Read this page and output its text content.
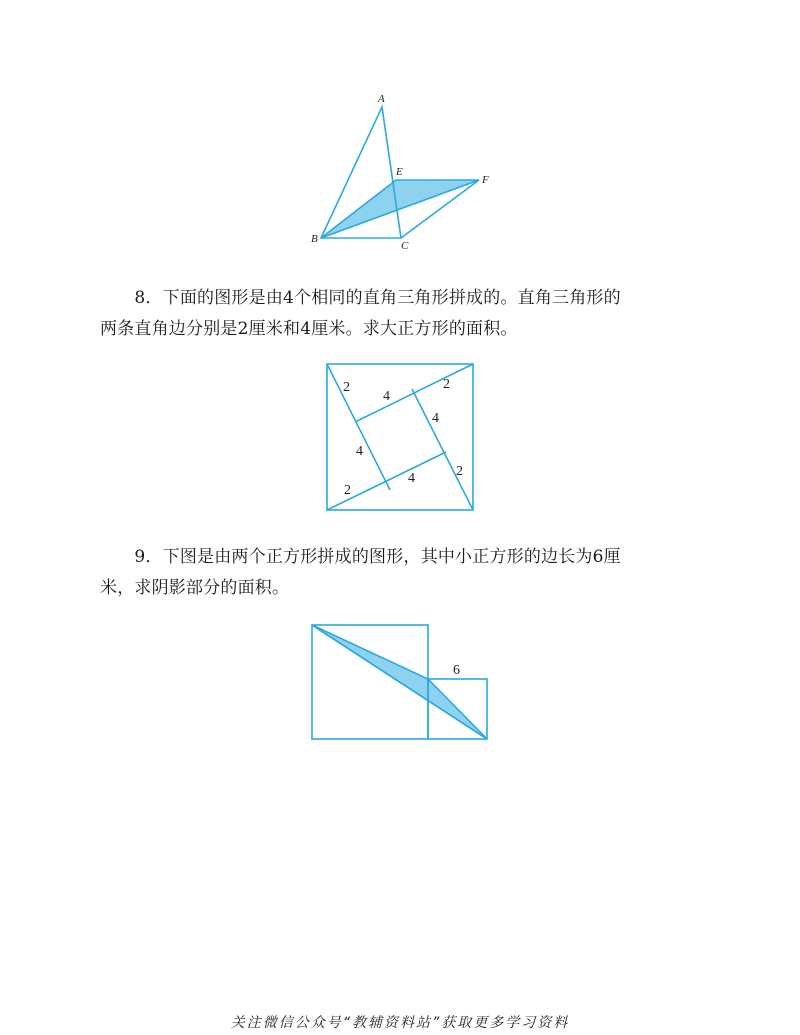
A
B
C
E
F

　　8．下面的图形是由4个相同的直角三角形拼成的。直角三角形的
两条直角边分别是2厘米和4厘米。求大正方形的面积。

2
4
2
4
4
2
2
4

　　9．下图是由两个正方形拼成的图形，其中小正方形的边长为6厘
米，求阴影部分的面积。

6
关注微信公众号“教辅资料站”获取更多学习资料
